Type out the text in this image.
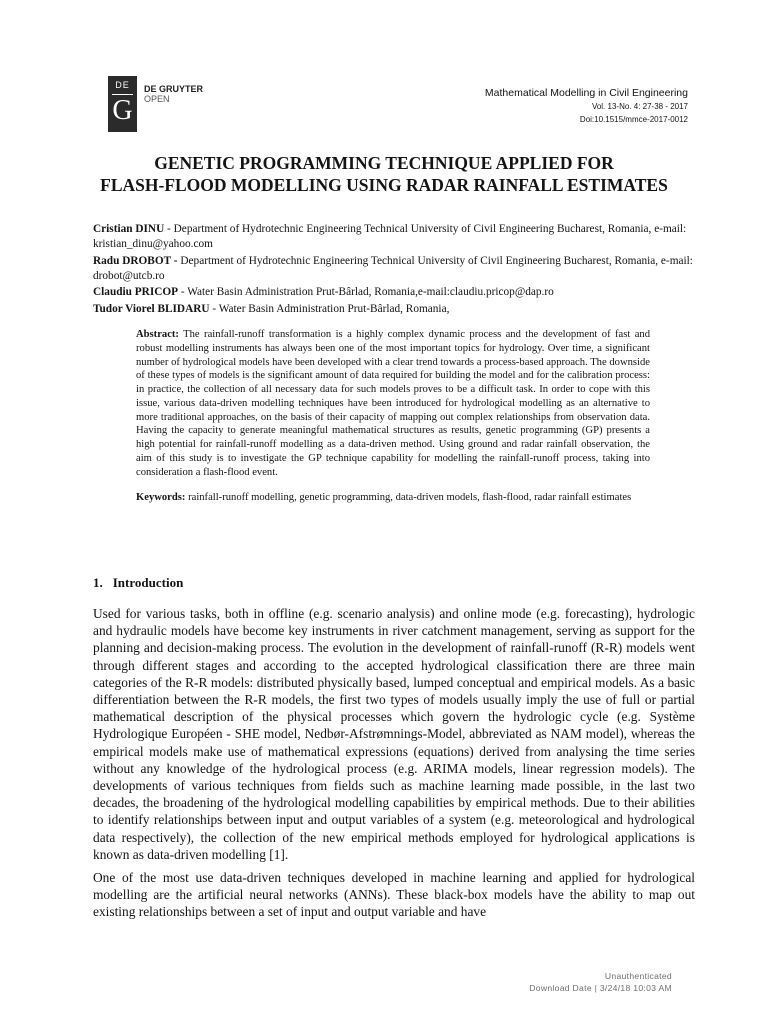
DE
G
DE GRUYTER
OPEN	Mathematical Modelling in Civil Engineering
Vol. 13-No. 4: 27-38 - 2017
Doi:10.1515/mmce-2017-0012
GENETIC PROGRAMMING TECHNIQUE APPLIED FOR
FLASH-FLOOD MODELLING USING RADAR RAINFALL ESTIMATES

Cristian DINU - Department of Hydrotechnic Engineering Technical University of Civil Engineering Bucharest, Romania, e-mail: kristian_dinu@yahoo.com

Radu DROBOT - Department of Hydrotechnic Engineering Technical University of Civil Engineering Bucharest, Romania, e-mail: drobot@utcb.ro

Claudiu PRICOP - Water Basin Administration Prut-Bârlad, Romania,e-mail:claudiu.pricop@dap.ro

Tudor Viorel BLIDARU - Water Basin Administration Prut-Bârlad, Romania,

Abstract: The rainfall-runoff transformation is a highly complex dynamic process and the development of fast and robust modelling instruments has always been one of the most important topics for hydrology. Over time, a significant number of hydrological models have been developed with a clear trend towards a process-based approach. The downside of these types of models is the significant amount of data required for building the model and for the calibration process: in practice, the collection of all necessary data for such models proves to be a difficult task. In order to cope with this issue, various data-driven modelling techniques have been introduced for hydrological modelling as an alternative to more traditional approaches, on the basis of their capacity of mapping out complex relationships from observation data. Having the capacity to generate meaningful mathematical structures as results, genetic programming (GP) presents a high potential for rainfall-runoff modelling as a data-driven method. Using ground and radar rainfall observation, the aim of this study is to investigate the GP technique capability for modelling the rainfall-runoff process, taking into consideration a flash-flood event.

Keywords: rainfall-runoff modelling, genetic programming, data-driven models, flash-flood, radar rainfall estimates

1. Introduction

Used for various tasks, both in offline (e.g. scenario analysis) and online mode (e.g. forecasting), hydrologic and hydraulic models have become key instruments in river catchment management, serving as support for the planning and decision-making process. The evolution in the development of rainfall-runoff (R-R) models went through different stages and according to the accepted hydrological classification there are three main categories of the R-R models: distributed physically based, lumped conceptual and empirical models. As a basic differentiation between the R-R models, the first two types of models usually imply the use of full or partial mathematical description of the physical processes which govern the hydrologic cycle (e.g. Système Hydrologique Européen - SHE model, Nedbør-Afstrømnings-Model, abbreviated as NAM model), whereas the empirical models make use of mathematical expressions (equations) derived from analysing the time series without any knowledge of the hydrological process (e.g. ARIMA models, linear regression models). The developments of various techniques from fields such as machine learning made possible, in the last two decades, the broadening of the hydrological modelling capabilities by empirical methods. Due to their abilities to identify relationships between input and output variables of a system (e.g. meteorological and hydrological data respectively), the collection of the new empirical methods employed for hydrological applications is known as data-driven modelling [1].

One of the most use data-driven techniques developed in machine learning and applied for hydrological modelling are the artificial neural networks (ANNs). These black-box models have the ability to map out existing relationships between a set of input and output variable and have

Unauthenticated
Download Date | 3/24/18 10:03 AM
